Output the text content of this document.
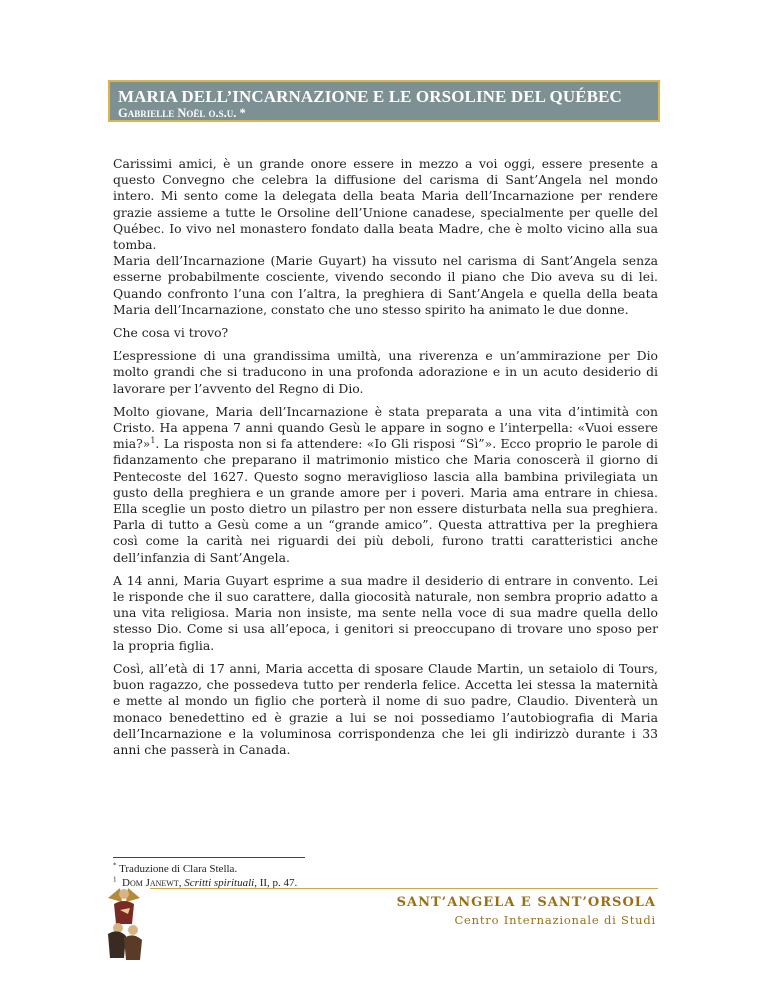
MARIA DELL’INCARNAZIONE E LE ORSOLINE DEL QUÉBEC
Gabrielle Noël o.s.u. *

Carissimi amici, è un grande onore essere in mezzo a voi oggi, essere presente a questo Convegno che celebra la diffusione del carisma di Sant’Angela nel mondo intero. Mi sento come la delegata della beata Maria dell’Incarnazione per rendere grazie assieme a tutte le Orsoline dell’Unione canadese, specialmente per quelle del Québec. Io vivo nel monastero fondato dalla beata Madre, che è molto vicino alla sua tomba.

Maria dell’Incarnazione (Marie Guyart) ha vissuto nel carisma di Sant’Angela senza esserne probabilmente cosciente, vivendo secondo il piano che Dio aveva su di lei. Quando confronto l’una con l’altra, la preghiera di Sant’Angela e quella della beata Maria dell’Incarnazione, constato che uno stesso spirito ha animato le due donne.

Che cosa vi trovo?

L’espressione di una grandissima umiltà, una riverenza e un’ammirazione per Dio molto grandi che si traducono in una profonda adorazione e in un acuto desiderio di lavorare per l’avvento del Regno di Dio.

Molto giovane, Maria dell’Incarnazione è stata preparata a una vita d’intimità con Cristo. Ha appena 7 anni quando Gesù le appare in sogno e l’interpella: «Vuoi essere mia?»$^1$. La risposta non si fa attendere: «Io Gli risposi “Sì”». Ecco proprio le parole di fidanzamento che preparano il matrimonio mistico che Maria conoscerà il giorno di Pentecoste del 1627. Questo sogno meraviglioso lascia alla bambina privilegiata un gusto della preghiera e un grande amore per i poveri. Maria ama entrare in chiesa. Ella sceglie un posto dietro un pilastro per non essere disturbata nella sua preghiera. Parla di tutto a Gesù come a un “grande amico”. Questa attrattiva per la preghiera così come la carità nei riguardi dei più deboli, furono tratti caratteristici anche dell’infanzia di Sant’Angela.

A 14 anni, Maria Guyart esprime a sua madre il desiderio di entrare in convento. Lei le risponde che il suo carattere, dalla giocosità naturale, non sembra proprio adatto a una vita religiosa. Maria non insiste, ma sente nella voce di sua madre quella dello stesso Dio. Come si usa all’epoca, i genitori si preoccupano di trovare uno sposo per la propria figlia.

Così, all’età di 17 anni, Maria accetta di sposare Claude Martin, un setaiolo di Tours, buon ragazzo, che possedeva tutto per renderla felice. Accetta lei stessa la maternità e mette al mondo un figlio che porterà il nome di suo padre, Claudio. Diventerà un monaco benedettino ed è grazie a lui se noi possediamo l’autobiografia di Maria dell’Incarnazione e la voluminosa corrispondenza che lei gli indirizzò durante i 33 anni che passerà in Canada.

* Traduzione di Clara Stella.
$^1$ Dom Janewt, Scritti spirituali, II, p. 47.
SANT’ANGELA E SANT’ORSOLA
Centro Internazionale di Studi
